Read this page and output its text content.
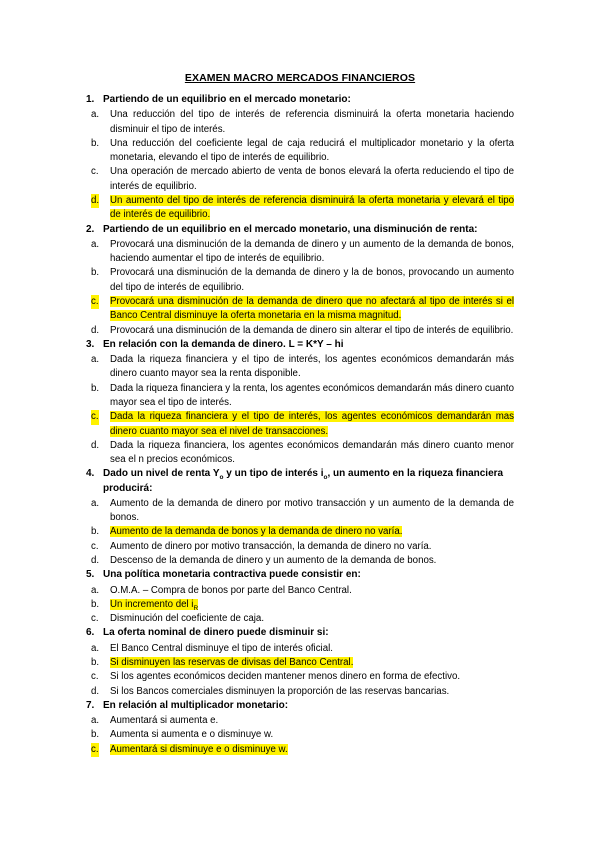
EXAMEN MACRO MERCADOS FINANCIEROS
1. Partiendo de un equilibrio en el mercado monetario:
a. Una reducción del tipo de interés de referencia disminuirá la oferta monetaria haciendo disminuir el tipo de interés.
b. Una reducción del coeficiente legal de caja reducirá el multiplicador monetario y la oferta monetaria, elevando el tipo de interés de equilibrio.
c. Una operación de mercado abierto de venta de bonos elevará la oferta reduciendo el tipo de interés de equilibrio.
d. Un aumento del tipo de interés de referencia disminuirá la oferta monetaria y elevará el tipo de interés de equilibrio.
2. Partiendo de un equilibrio en el mercado monetario, una disminución de renta:
a. Provocará una disminución de la demanda de dinero y un aumento de la demanda de bonos, haciendo aumentar el tipo de interés de equilibrio.
b. Provocará una disminución de la demanda de dinero y la de bonos, provocando un aumento del tipo de interés de equilibrio.
c. Provocará una disminución de la demanda de dinero que no afectará al tipo de interés si el Banco Central disminuye la oferta monetaria en la misma magnitud.
d. Provocará una disminución de la demanda de dinero sin alterar el tipo de interés de equilibrio.
3. En relación con la demanda de dinero. L = K*Y – hi
a. Dada la riqueza financiera y el tipo de interés, los agentes económicos demandarán más dinero cuanto mayor sea la renta disponible.
b. Dada la riqueza financiera y la renta, los agentes económicos demandarán más dinero cuanto mayor sea el tipo de interés.
c. Dada la riqueza financiera y el tipo de interés, los agentes económicos demandarán mas dinero cuanto mayor sea el nivel de transacciones.
d. Dada la riqueza financiera, los agentes económicos demandarán más dinero cuanto menor sea el n precios económicos.
4. Dado un nivel de renta $Y_o$ y un tipo de interés $i_o$, un aumento en la riqueza financiera producirá:
a. Aumento de la demanda de dinero por motivo transacción y un aumento de la demanda de bonos.
b. Aumento de la demanda de bonos y la demanda de dinero no varía.
c. Aumento de dinero por motivo transacción, la demanda de dinero no varía.
d. Descenso de la demanda de dinero y un aumento de la demanda de bonos.
5. Una política monetaria contractiva puede consistir en:
a. O.M.A. – Compra de bonos por parte del Banco Central.
b. Un incremento del $i_R$
c. Disminución del coeficiente de caja.
6. La oferta nominal de dinero puede disminuir si:
a. El Banco Central disminuye el tipo de interés oficial.
b. Si disminuyen las reservas de divisas del Banco Central.
c. Si los agentes económicos deciden mantener menos dinero en forma de efectivo.
d. Si los Bancos comerciales disminuyen la proporción de las reservas bancarias.
7. En relación al multiplicador monetario:
a. Aumentará si aumenta e.
b. Aumenta si aumenta e o disminuye w.
c. Aumentará si disminuye e o disminuye w.
